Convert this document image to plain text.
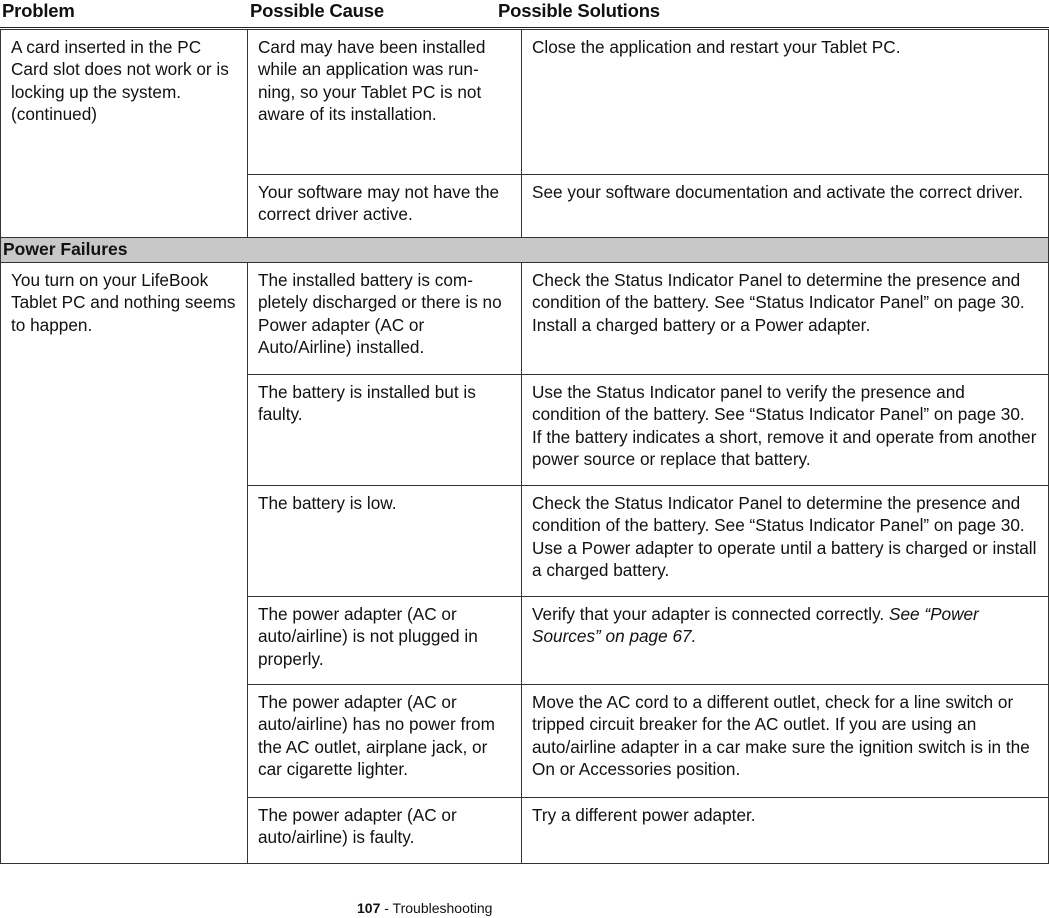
Problem	Possible Cause	Possible Solutions
A card inserted in the PC Card slot does not work or is locking up the system. (continued)	Card may have been installed while an application was run-ning, so your Tablet PC is not aware of its installation.	Close the application and restart your Tablet PC.
	Your software may not have the correct driver active.	See your software documentation and activate the correct driver.
Power Failures		
You turn on your LifeBook Tablet PC and nothing seems to happen.	The installed battery is com-pletely discharged or there is no Power adapter (AC or Auto/Airline) installed.	Check the Status Indicator Panel to determine the presence and condition of the battery. See “Status Indicator Panel” on page 30. Install a charged battery or a Power adapter.
	The battery is installed but is faulty.	Use the Status Indicator panel to verify the presence and condition of the battery. See “Status Indicator Panel” on page 30. If the battery indicates a short, remove it and operate from another power source or replace that battery.
	The battery is low.	Check the Status Indicator Panel to determine the presence and condition of the battery. See “Status Indicator Panel” on page 30. Use a Power adapter to operate until a battery is charged or install a charged battery.
	The power adapter (AC or auto/airline) is not plugged in properly.	Verify that your adapter is connected correctly. See “Power Sources” on page 67.
	The power adapter (AC or auto/airline) has no power from the AC outlet, airplane jack, or car cigarette lighter.	Move the AC cord to a different outlet, check for a line switch or tripped circuit breaker for the AC outlet. If you are using an auto/airline adapter in a car make sure the ignition switch is in the On or Accessories position.
	The power adapter (AC or auto/airline) is faulty.	Try a different power adapter.
107 - Troubleshooting
